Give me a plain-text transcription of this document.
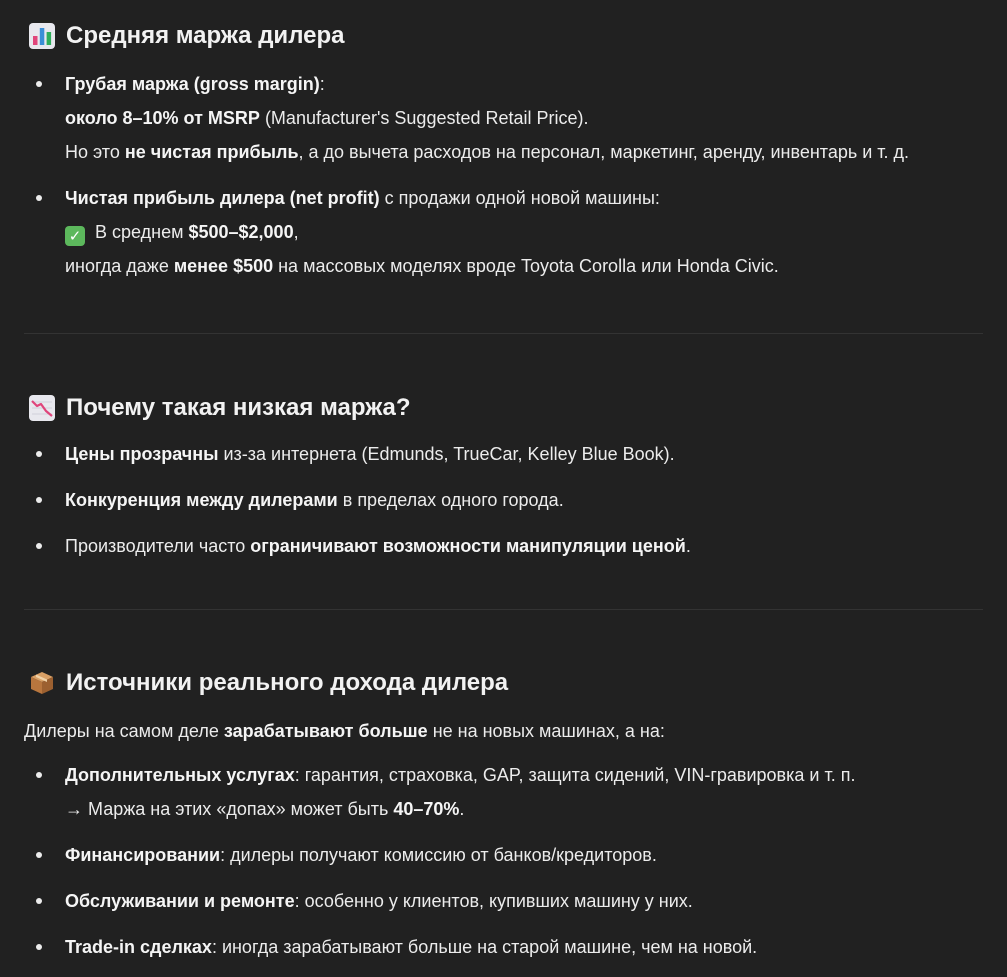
Средняя маржа дилера
Грубая маржа (gross margin):
около 8–10% от MSRP (Manufacturer's Suggested Retail Price).
Но это не чистая прибыль, а до вычета расходов на персонал, маркетинг, аренду, инвентарь и т. д.
Чистая прибыль дилера (net profit) с продажи одной новой машины:
✓ В среднем $500–$2,000,
иногда даже менее $500 на массовых моделях вроде Toyota Corolla или Honda Civic.
Почему такая низкая маржа?
Цены прозрачны из-за интернета (Edmunds, TrueCar, Kelley Blue Book).
Конкуренция между дилерами в пределах одного города.
Производители часто ограничивают возможности манипуляции ценой.
Источники реального дохода дилера
Дилеры на самом деле зарабатывают больше не на новых машинах, а на:
Дополнительных услугах: гарантия, страховка, GAP, защита сидений, VIN-гравировка и т. п.
→ Маржа на этих «допах» может быть 40–70%.
Финансировании: дилеры получают комиссию от банков/кредиторов.
Обслуживании и ремонте: особенно у клиентов, купивших машину у них.
Trade-in сделках: иногда зарабатывают больше на старой машине, чем на новой.
